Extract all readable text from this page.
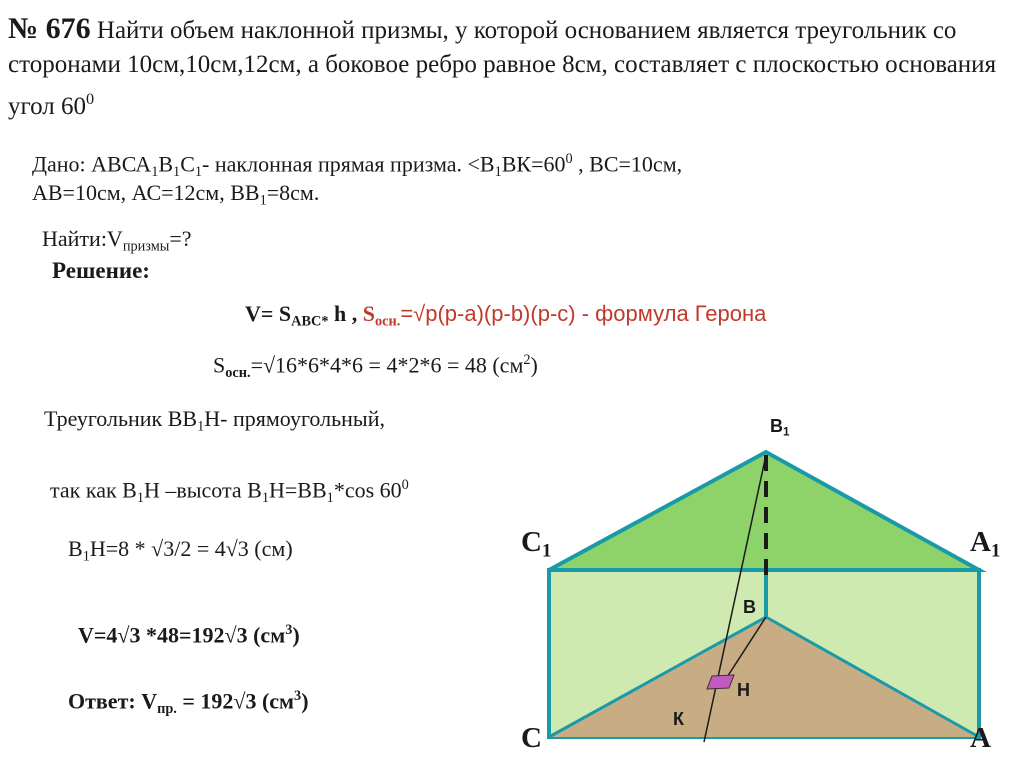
№ 676 Найти объем наклонной призмы, у которой основанием является треугольник со сторонами 10см,10см,12см, а боковое ребро равное 8см, составляет с плоскостью основания угол $60^0$
Дано: $АВСА_1В_1С_1-$ наклонная прямая призма. $<В_1ВК=60^0$ , ВС=10см,
АВ=10см, АС=12см, $ВВ_1=8см$.
$Найти:V_{призмы}=$?
Решение:
$V= S_{АВС*}$ h , $S_{осн.}=√p(p-a)(p-b)(p-c)$ - формула Герона
$S_{осн.}=√16*6*4*6 = 4*2*6 = 48$ $(см^2)$
Треугольник $ВВ_1Н-$ прямоугольный,
так как $В_1Н$ –высота $В_1Н=ВВ_1*\cos$ $60^0$
$В_1Н=8 * √3/2 = 4√3$ (см)
V=4√3 *48=192√3 $(см^3)$
Ответ: $V_{пр.} = 192√3$ $(см^3)$
$В_1$
$С_1$	$А_1$
В
Н
К
С	А
